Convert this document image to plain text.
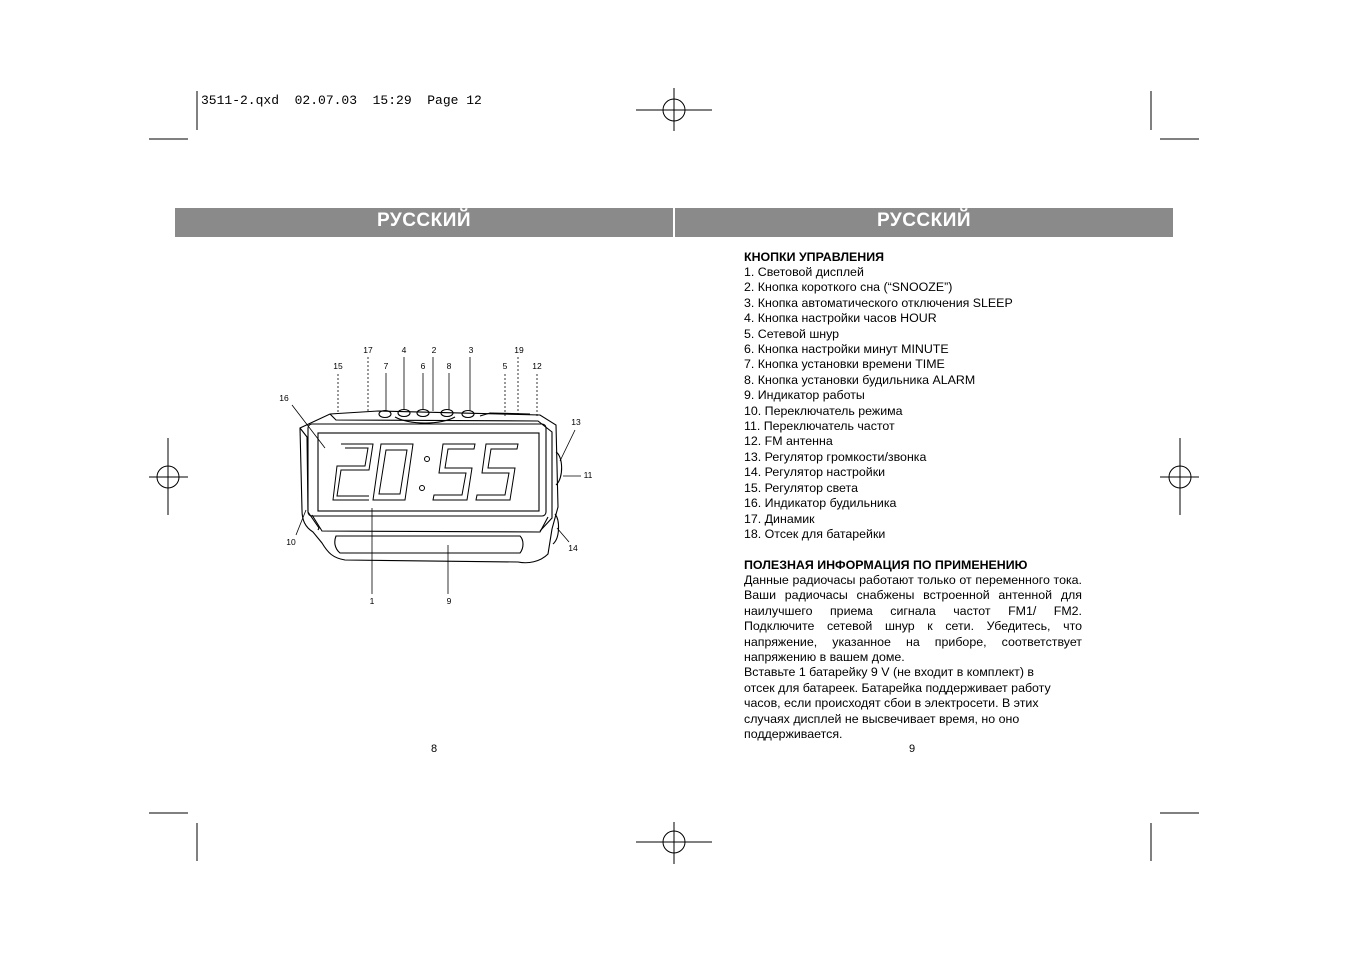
3511-2.qxd  02.07.03  15:29  Page 12
РУССКИЙ	РУССКИЙ
15
17	4	2	3	19
7	6	8	5	12
16
13
11
10
14
1	9
КНОПКИ УПРАВЛЕНИЯ
1. Световой дисплей
2. Кнопка короткого сна (“SNOOZE”)
3. Кнопка автоматического отключения SLEEP
4. Кнопка настройки часов HOUR
5. Сетевой шнур
6. Кнопка настройки минут MINUTE
7. Кнопка установки времени TIME
8. Кнопка установки будильника ALARM
9. Индикатор работы
10. Переключатель режима
11. Переключатель частот
12. FM антенна
13. Регулятор громкости/звонка
14. Регулятор настройки
15. Регулятор света
16. Индикатор будильника
17. Динамик
18. Отсек для батарейки
ПОЛЕЗНАЯ ИНФОРМАЦИЯ ПО ПРИМЕНЕНИЮ
Данные радиочасы работают только от переменного тока. Ваши радиочасы снабжены встроенной антенной для наилучшего приема сигнала частот FM1/ FM2. Подключите сетевой шнур к сети. Убедитесь, что напряжение, указанное на приборе, соответствует напряжению в вашем доме.
Вставьте 1 батарейку 9 V (не входит в комплект) в
отсек для батареек. Батарейка поддерживает работу
часов, если происходят сбои в электросети. В этих
случаях дисплей не высвечивает время, но оно
поддерживается.
8	9
